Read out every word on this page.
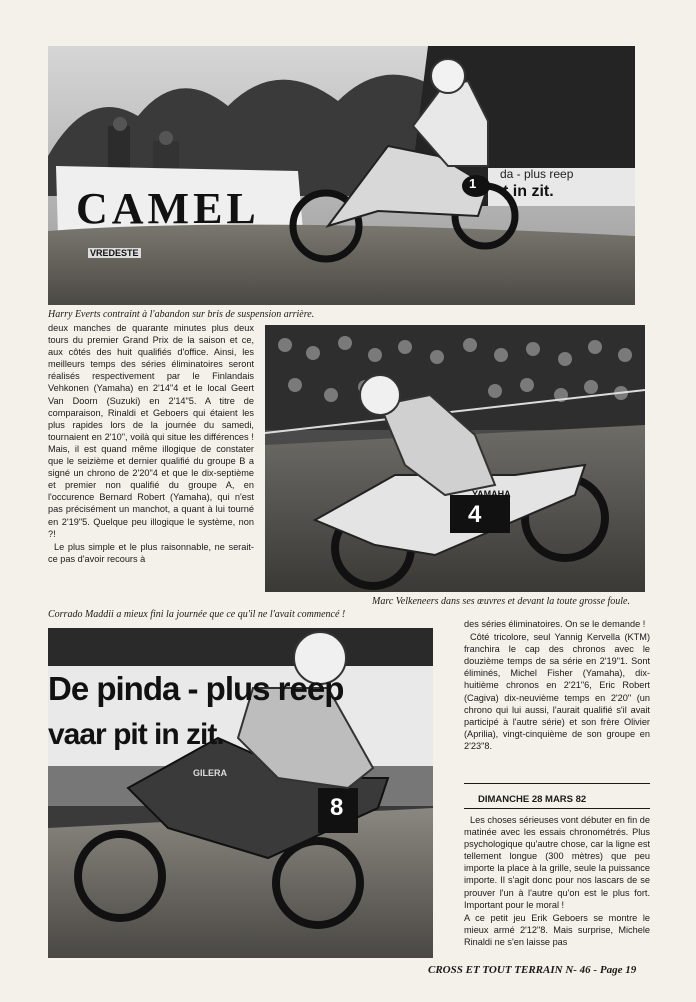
CAMEL
VREDESTE
da - plus reep
t in zit.
1
Harry Everts contraint à l'abandon sur bris de suspension arrière.
4
YAMAHA
Marc Velkeneers dans ses œuvres et devant la toute grosse foule.
Corrado Maddii a mieux fini la journée que ce qu'il ne l'avait commencé !
De pinda - plus reep
vaar pit in zit.
8
GILERA

deux manches de quarante minutes plus deux tours du premier Grand Prix de la saison et ce, aux côtés des huit qualifiés d'office. Ainsi, les meilleurs temps des séries éliminatoires seront réalisés respectivement par le Finlandais Vehkonen (Yamaha) en 2'14"4 et le local Geert Van Doorn (Suzuki) en 2'14"5. A titre de comparaison, Rinaldi et Geboers qui étaient les plus rapides lors de la journée du samedi, tournaient en 2'10", voilà qui situe les différences ! Mais, il est quand même illogique de constater que le seizième et dernier qualifié du groupe B a signé un chrono de 2'20"4 et que le dix-septième et premier non qualifié du groupe A, en l'occurence Bernard Robert (Yamaha), qui n'est pas précisément un manchot, a quant à lui tourné en 2'19"5. Quelque peu illogique le système, non ?!

Le plus simple et le plus raisonnable, ne serait-ce pas d'avoir recours à

des séries éliminatoires. On se le demande !

Côté tricolore, seul Yannig Kervella (KTM) franchira le cap des chronos avec le douzième temps de sa série en 2'19"1. Sont éliminés, Michel Fisher (Yamaha), dix-huitième chronos en 2'21"6, Eric Robert (Cagiva) dix-neuvième temps en 2'20" (un chrono qui lui aussi, l'aurait qualifié s'il avait participé à l'autre série) et son frère Olivier (Aprilia), vingt-cinquième de son groupe en 2'23"8.

DIMANCHE 28 MARS 82

Les choses sérieuses vont débuter en fin de matinée avec les essais chronométrés. Plus psychologique qu'autre chose, car la ligne est tellement longue (300 mètres) que peu importe la place à la grille, seule la puissance importe. Il s'agit donc pour nos lascars de se prouver l'un à l'autre qu'on est le plus fort. Important pour le moral !

A ce petit jeu Erik Geboers se montre le mieux armé 2'12"8. Mais surprise, Michele Rinaldi ne s'en laisse pas

CROSS ET TOUT TERRAIN N- 46 - Page 19
